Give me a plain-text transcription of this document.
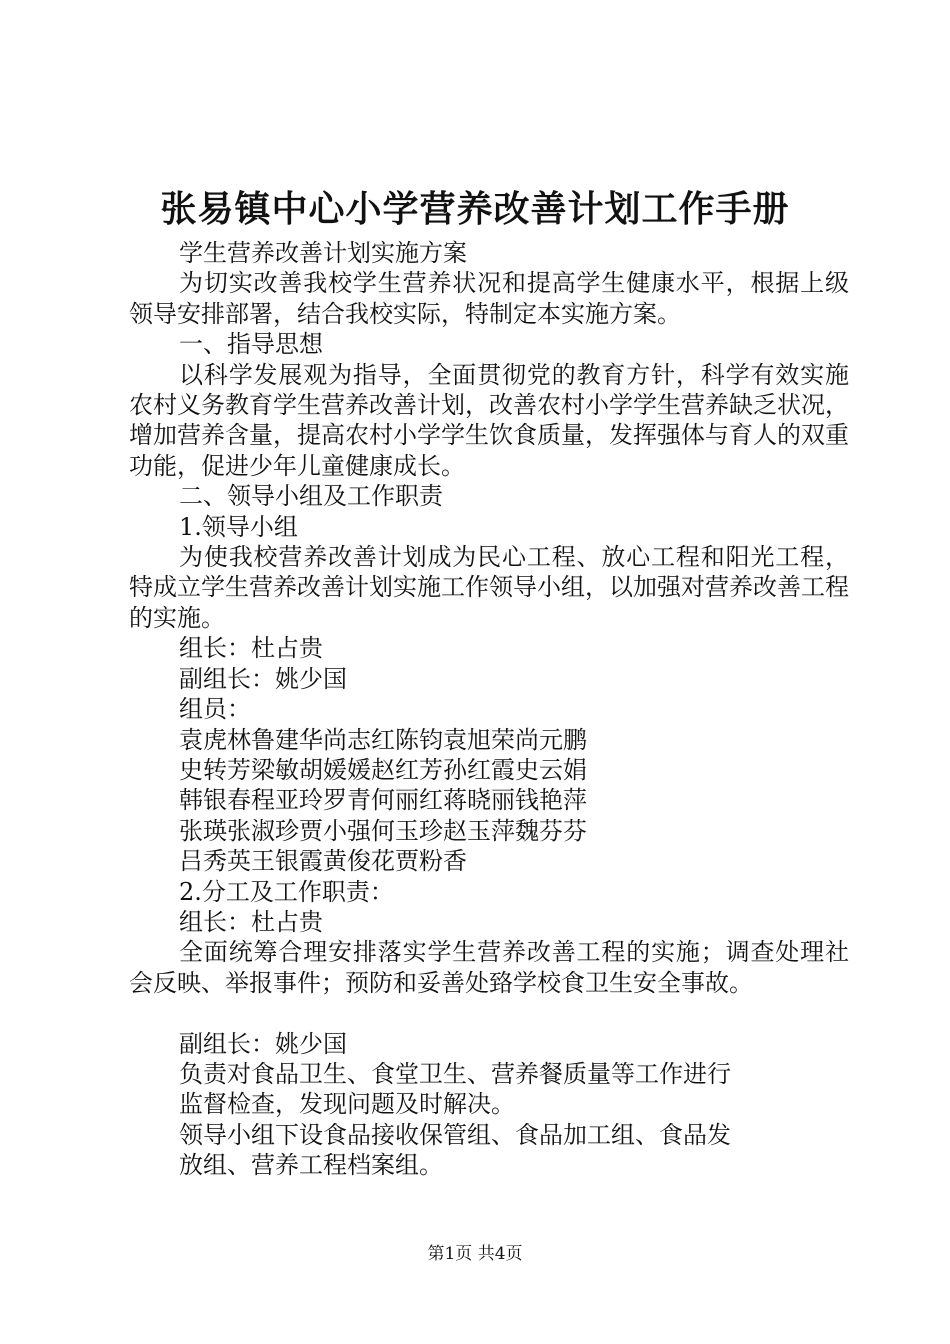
张易镇中心小学营养改善计划工作手册

学生营养改善计划实施方案

为切实改善我校学生营养状况和提高学生健康水平，根据上级领导安排部署，结合我校实际，特制定本实施方案。

一、指导思想

以科学发展观为指导，全面贯彻党的教育方针，科学有效实施农村义务教育学生营养改善计划，改善农村小学学生营养缺乏状况，增加营养含量，提高农村小学学生饮食质量，发挥强体与育人的双重功能，促进少年儿童健康成长。

二、领导小组及工作职责

1.领导小组

为使我校营养改善计划成为民心工程、放心工程和阳光工程，特成立学生营养改善计划实施工作领导小组，以加强对营养改善工程的实施。

组长：杜占贵

副组长：姚少国

组员：

袁虎林鲁建华尚志红陈钧袁旭荣尚元鹏

史转芳梁敏胡媛媛赵红芳孙红霞史云娟

韩银春程亚玲罗青何丽红蒋晓丽钱艳萍

张瑛张淑珍贾小强何玉珍赵玉萍魏芬芬

吕秀英王银霞黄俊花贾粉香

2.分工及工作职责：

组长：杜占贵

全面统筹合理安排落实学生营养改善工程的实施；调查处理社会反映、举报事件；预防和妥善处臵学校食卫生安全事故。

副组长：姚少国

负责对食品卫生、食堂卫生、营养餐质量等工作进行

监督检查，发现问题及时解决。

领导小组下设食品接收保管组、食品加工组、食品发

放组、营养工程档案组。

第1页 共4页
